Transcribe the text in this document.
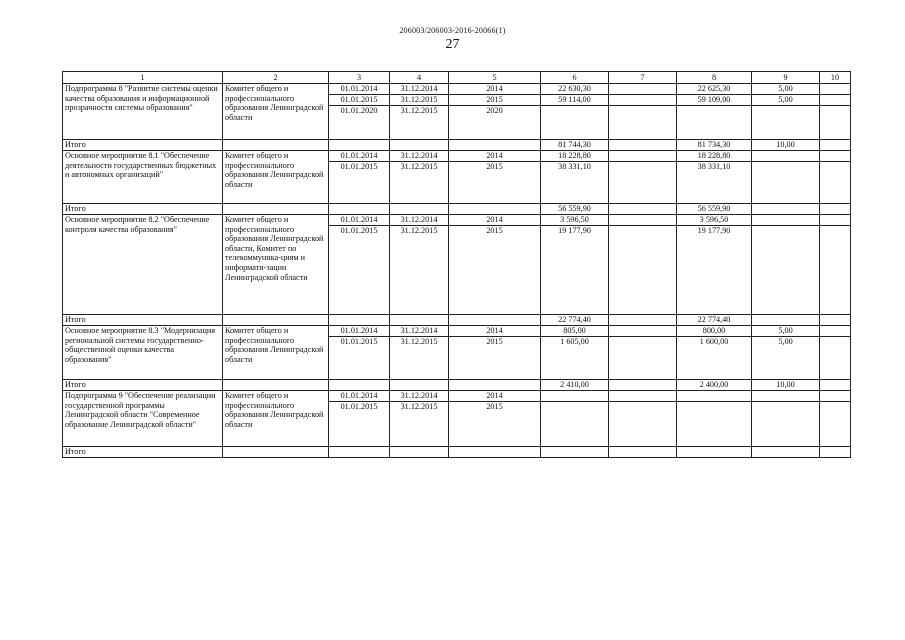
206003/206003-2016-20066(1)
27
1	2	3	4	5	6	7	8	9	10
Подпрограмма 8 "Развитие системы оценки качества образования и информационной прозрачности системы образования"	Комитет общего и профессионального образования Ленинградской области	01.01.2014	31.12.2014	2014	22 630,30		22 625,30	5,00	
		01.01.2015	31.12.2015	2015	59 114,00		59 109,00	5,00	
		01.01.2020	31.12.2015	2020					
Итого					81 744,30		81 734,30	10,00	
Основное мероприятие 8.1 "Обеспечение деятельности государственных бюджетных и автономных организаций"	Комитет общего и профессионального образования Ленинградской области	01.01.2014	31.12.2014	2014	18 228,80		18 228,80		
		01.01.2015	31.12.2015	2015	38 331,10		38 331,10		
Итого					56 559,90		56 559,90		
Основное мероприятие 8.2 "Обеспечение контроля качества образования"	Комитет общего и профессионального образования Ленинградской области, Комитет по телекоммуника-циям и информати-зации Ленинградской области	01.01.2014	31.12.2014	2014	3 596,50		3 596,50		
		01.01.2015	31.12.2015	2015	19 177,90		19 177,90		
Итого					22 774,40		22 774,40		
Основное мероприятие 8.3 "Модернизация региональной системы государственно-общественной оценки качества образования"	Комитет общего и профессионального образования Ленинградской области	01.01.2014	31.12.2014	2014	805,00		800,00	5,00	
		01.01.2015	31.12.2015	2015	1 605,00		1 600,00	5,00	
Итого					2 410,00		2 400,00	10,00	
Подпрограмма 9 "Обеспечение реализации государственной программы Ленинградской области "Современное образование Ленинградской области"	Комитет общего и профессионального образования Ленинградской области	01.01.2014	31.12.2014	2014					
		01.01.2015	31.12.2015	2015					
Итого									
